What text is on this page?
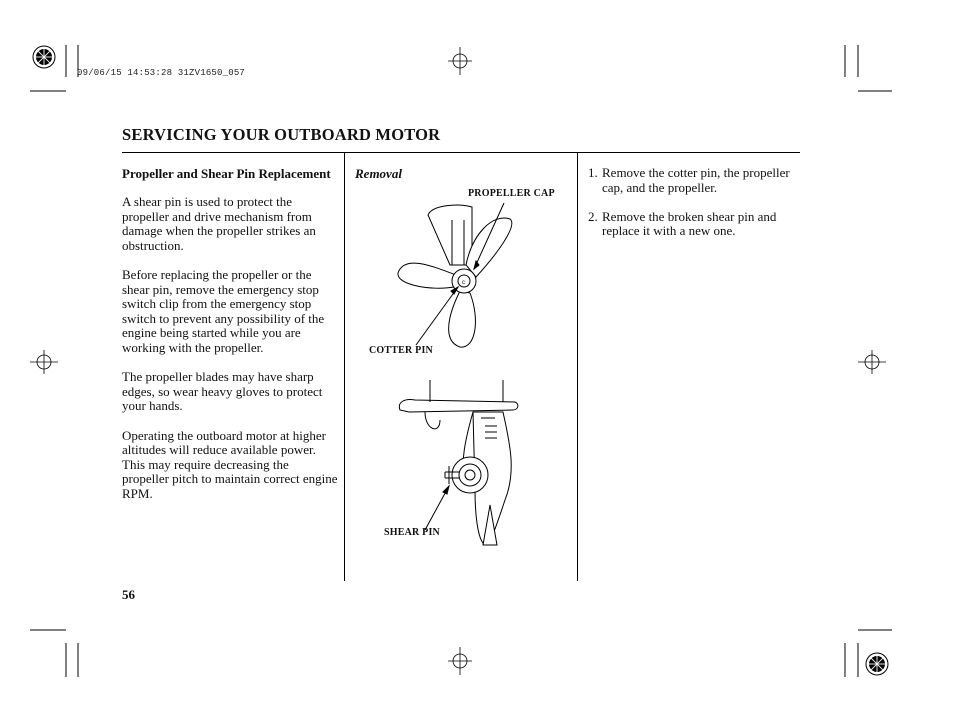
09/06/15 14:53:28 31ZV1650_057
SERVICING YOUR OUTBOARD MOTOR
Propeller and Shear Pin Replacement

A shear pin is used to protect the propeller and drive mechanism from damage when the propeller strikes an obstruction.

Before replacing the propeller or the shear pin, remove the emergency stop switch clip from the emergency stop switch to prevent any possibility of the engine being started while you are working with the propeller.

The propeller blades may have sharp edges, so wear heavy gloves to protect your hands.

Operating the outboard motor at higher altitudes will reduce available power. This may require decreasing the propeller pitch to maintain correct engine RPM.

Removal
c
PROPELLER CAP
COTTER PIN
SHEAR PIN
1. Remove the cotter pin, the propeller cap, and the propeller.
2. Remove the broken shear pin and replace it with a new one.
56
